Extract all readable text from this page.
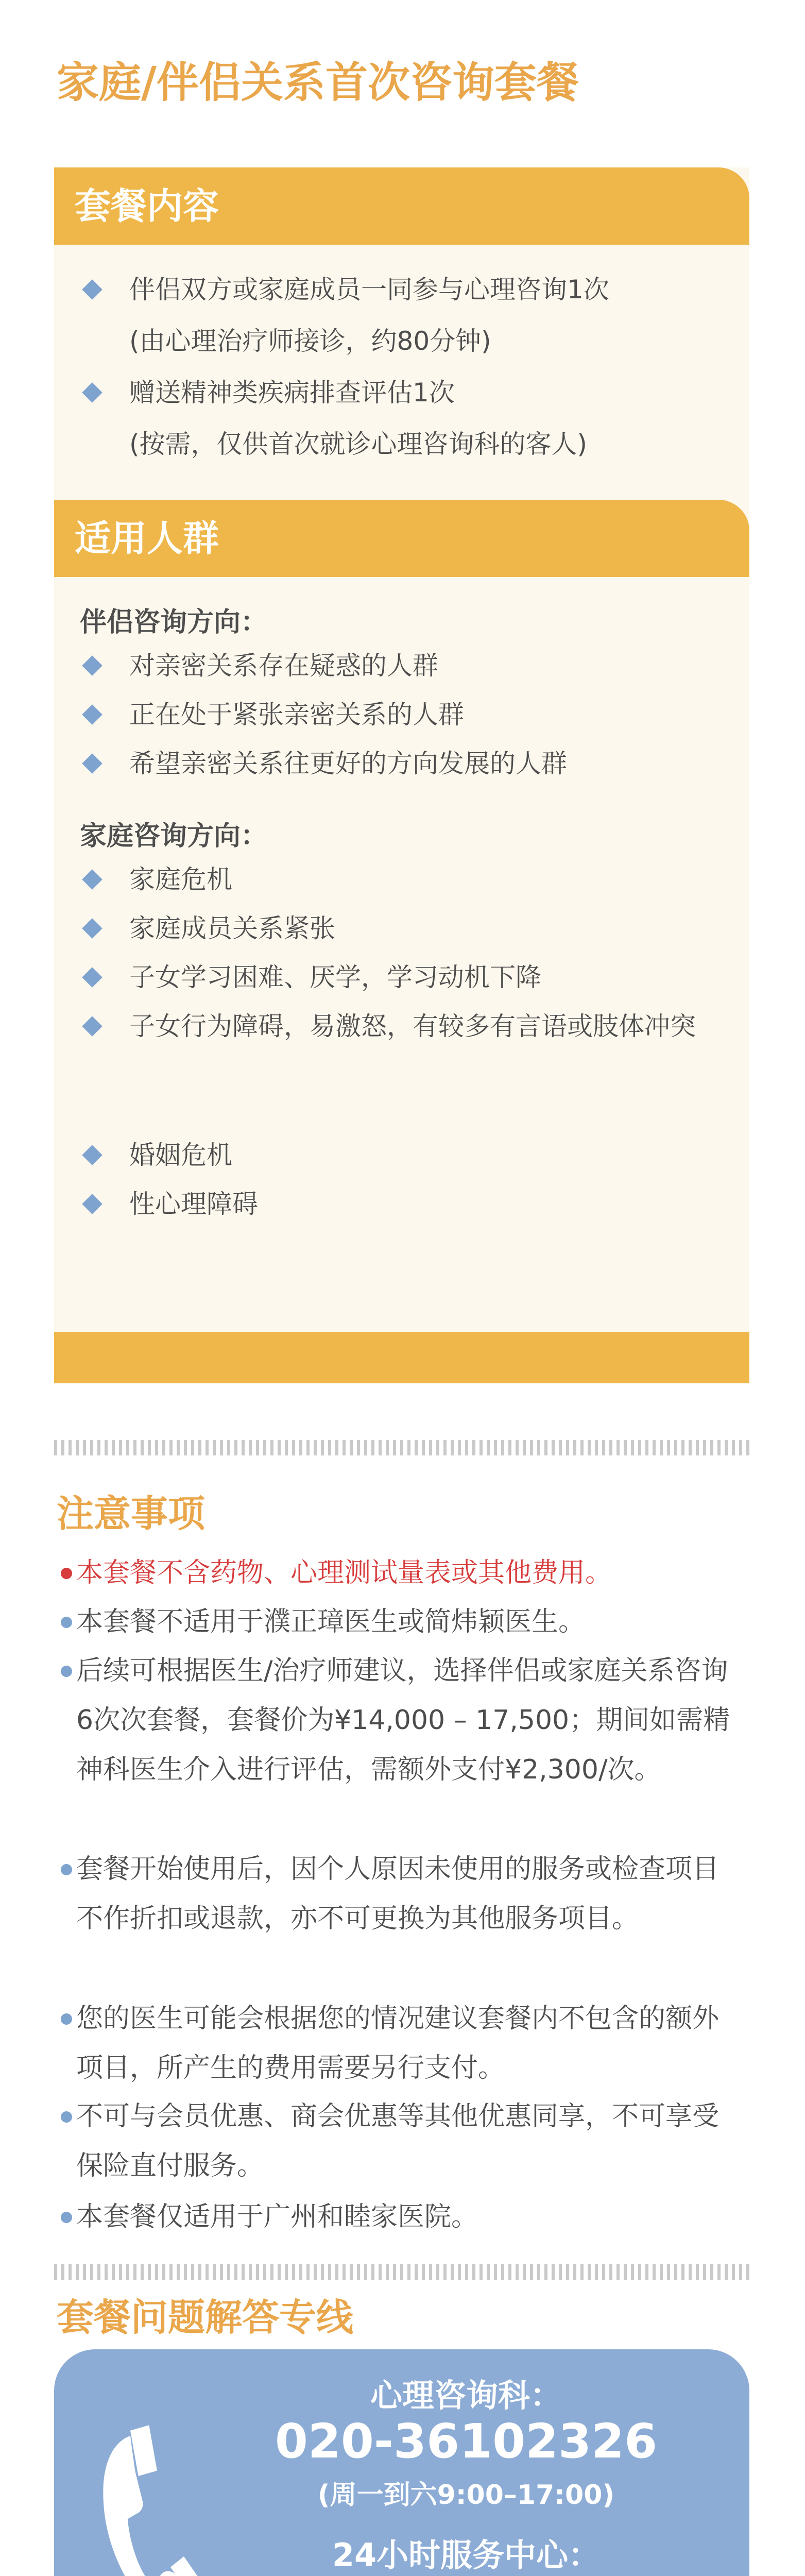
家庭/伴侣关系首次咨询套餐
套餐内容
伴侣双方或家庭成员一同参与心理咨询1次
(由心理治疗师接诊，约80分钟)
赠送精神类疾病排查评估1次
(按需，仅供首次就诊心理咨询科的客人)
适用人群
伴侣咨询方向：
对亲密关系存在疑惑的人群
正在处于紧张亲密关系的人群
希望亲密关系往更好的方向发展的人群
家庭咨询方向：
家庭危机
家庭成员关系紧张
子女学习困难、厌学，学习动机下降
子女行为障碍，易激怒，有较多有言语或肢体冲突
婚姻危机
性心理障碍
注意事项
本套餐不含药物、心理测试量表或其他费用。
本套餐不适用于濮正璋医生或简炜颖医生。
后续可根据医生/治疗师建议，选择伴侣或家庭关系咨询6次次套餐，套餐价为¥14,000 – 17,500；期间如需精神科医生介入进行评估，需额外支付¥2,300/次。
套餐开始使用后，因个人原因未使用的服务或检查项目不作折扣或退款，亦不可更换为其他服务项目。
您的医生可能会根据您的情况建议套餐内不包含的额外项目，所产生的费用需要另行支付。
不可与会员优惠、商会优惠等其他优惠同享，不可享受保险直付服务。
本套餐仅适用于广州和睦家医院。
套餐问题解答专线
心理咨询科：
020-36102326
(周一到六9:00–17:00)
24小时服务中心：
